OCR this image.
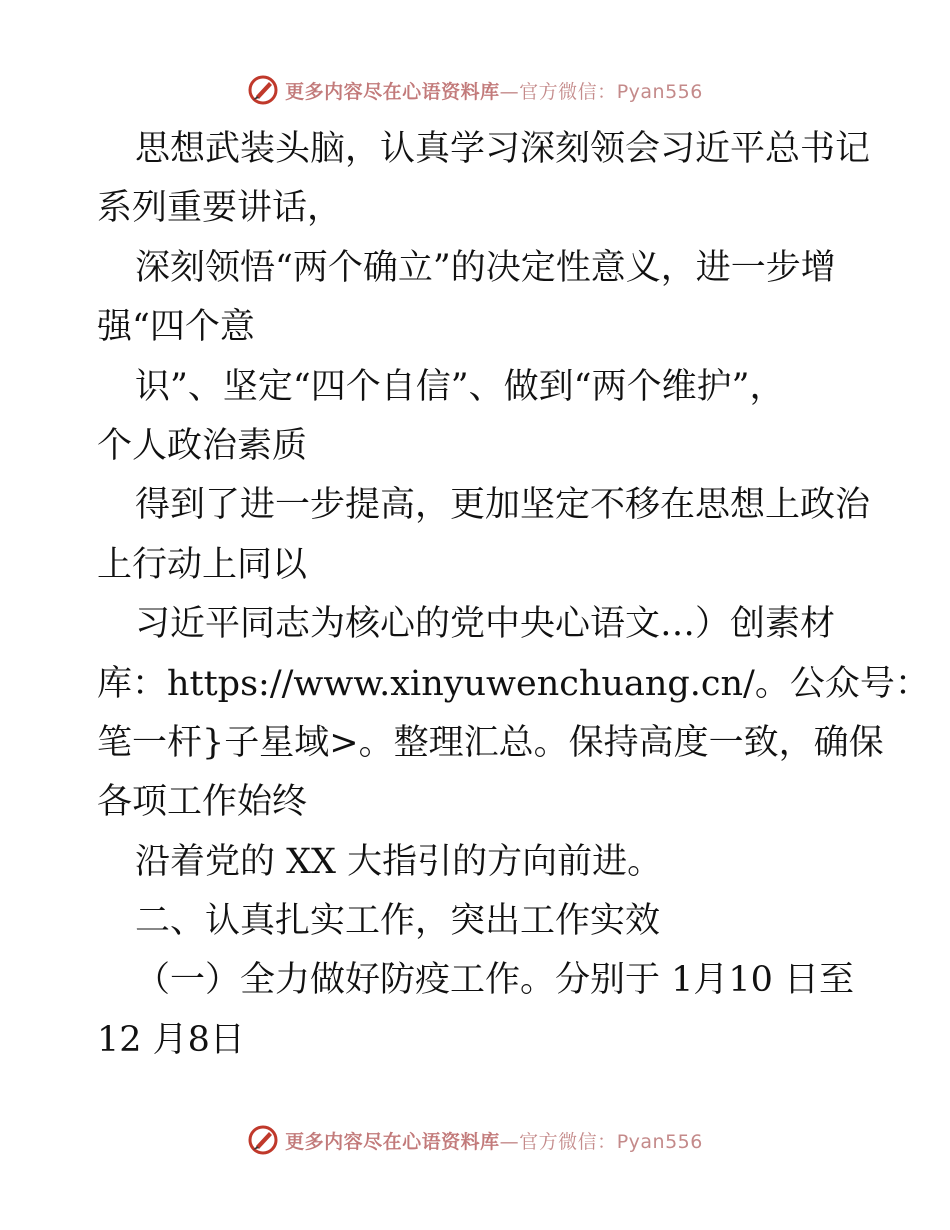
更多内容尽在心语资料库—官方微信：Pyan556
思想武装头脑，认真学习深刻领会习近平总书记
系列重要讲话，
深刻领悟“两个确立”的决定性意义，进一步增
强“四个意
识”、坚定“四个自信”、做到“两个维护”，
个人政治素质
得到了进一步提高，更加坚定不移在思想上政治
上行动上同以
习近平同志为核心的党中央心语文…）创素材
库：https://www.xinyuwenchuang.cn/。公众号：
笔一杆}子星域>。整理汇总。保持高度一致，确保
各项工作始终
沿着党的 XX 大指引的方向前进。
二、认真扎实工作，突出工作实效
（一）全力做好防疫工作。分别于 1月10 日至
12 月8日
更多内容尽在心语资料库—官方微信：Pyan556
